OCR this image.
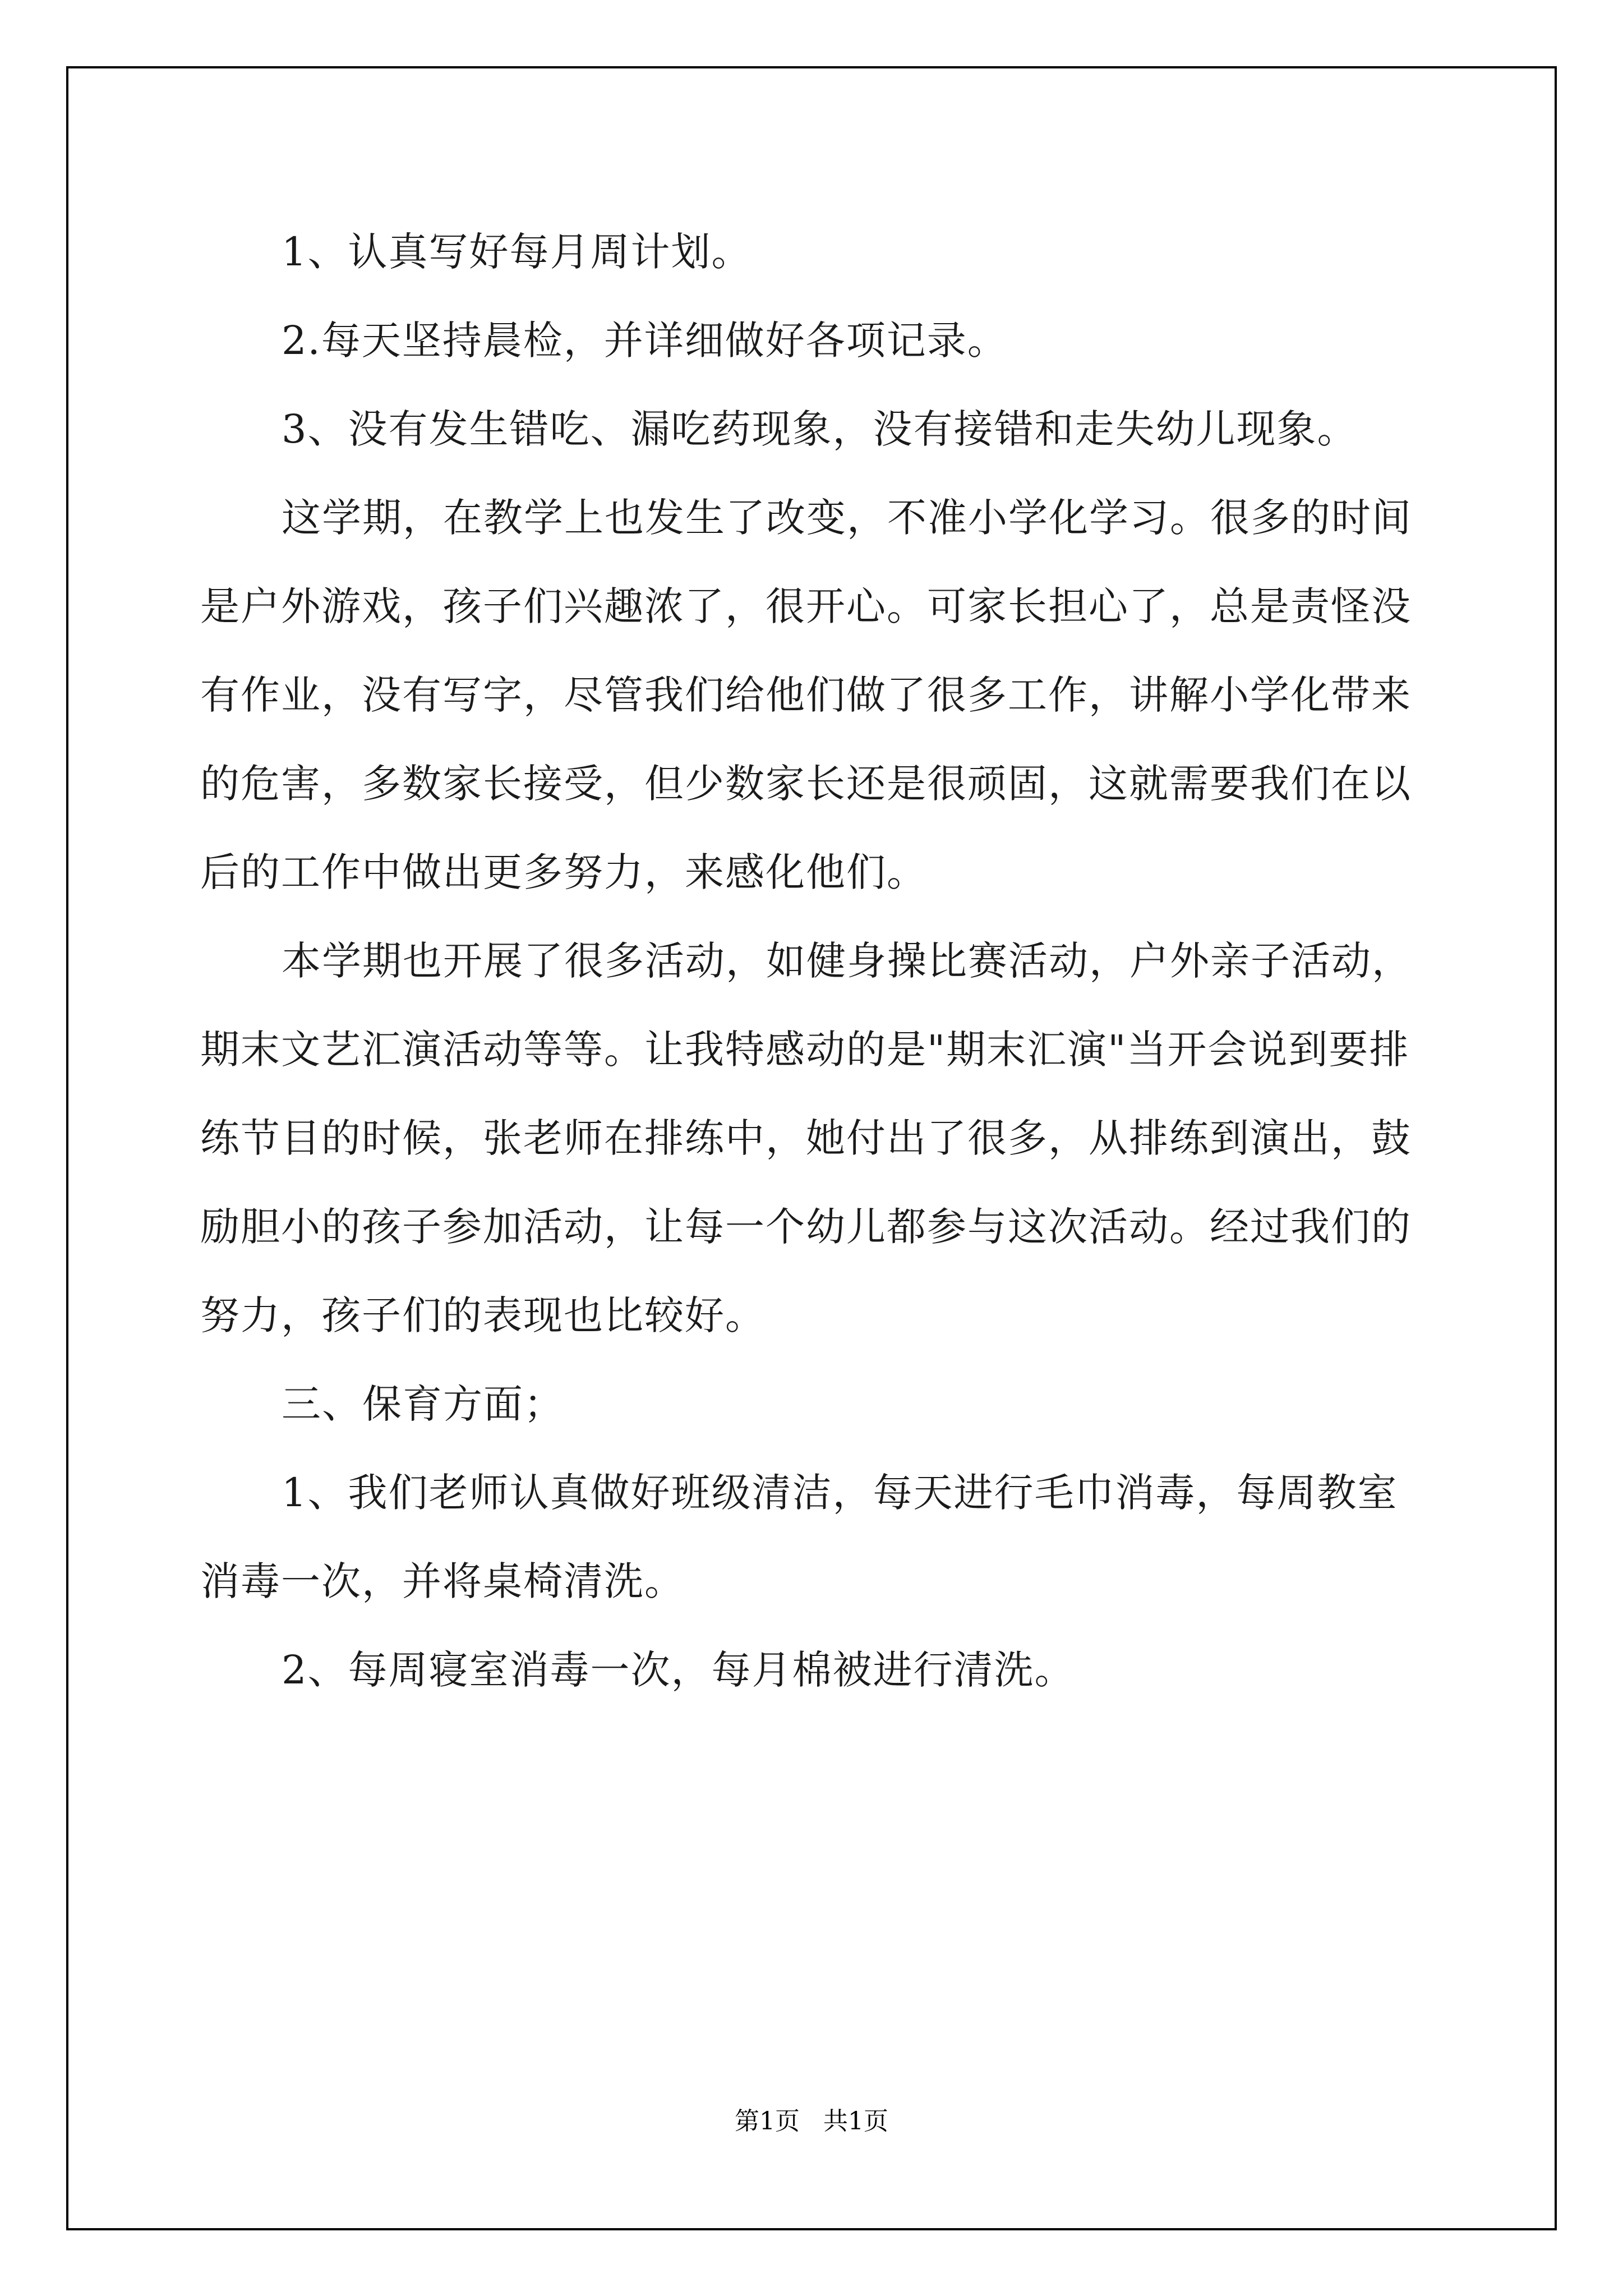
1、认真写好每月周计划。

2.每天坚持晨检，并详细做好各项记录。

3、没有发生错吃、漏吃药现象，没有接错和走失幼儿现象。

这学期，在教学上也发生了改变，不准小学化学习。很多的时间是户外游戏，孩子们兴趣浓了，很开心。可家长担心了，总是责怪没有作业，没有写字，尽管我们给他们做了很多工作，讲解小学化带来的危害，多数家长接受，但少数家长还是很顽固，这就需要我们在以后的工作中做出更多努力，来感化他们。

本学期也开展了很多活动，如健身操比赛活动，户外亲子活动，期末文艺汇演活动等等。让我特感动的是"期末汇演"当开会说到要排练节目的时候，张老师在排练中，她付出了很多，从排练到演出，鼓励胆小的孩子参加活动，让每一个幼儿都参与这次活动。经过我们的努力，孩子们的表现也比较好。

三、保育方面；

1、我们老师认真做好班级清洁，每天进行毛巾消毒，每周教室消毒一次，并将桌椅清洗。

2、每周寝室消毒一次，每月棉被进行清洗。

第1页 共1页
